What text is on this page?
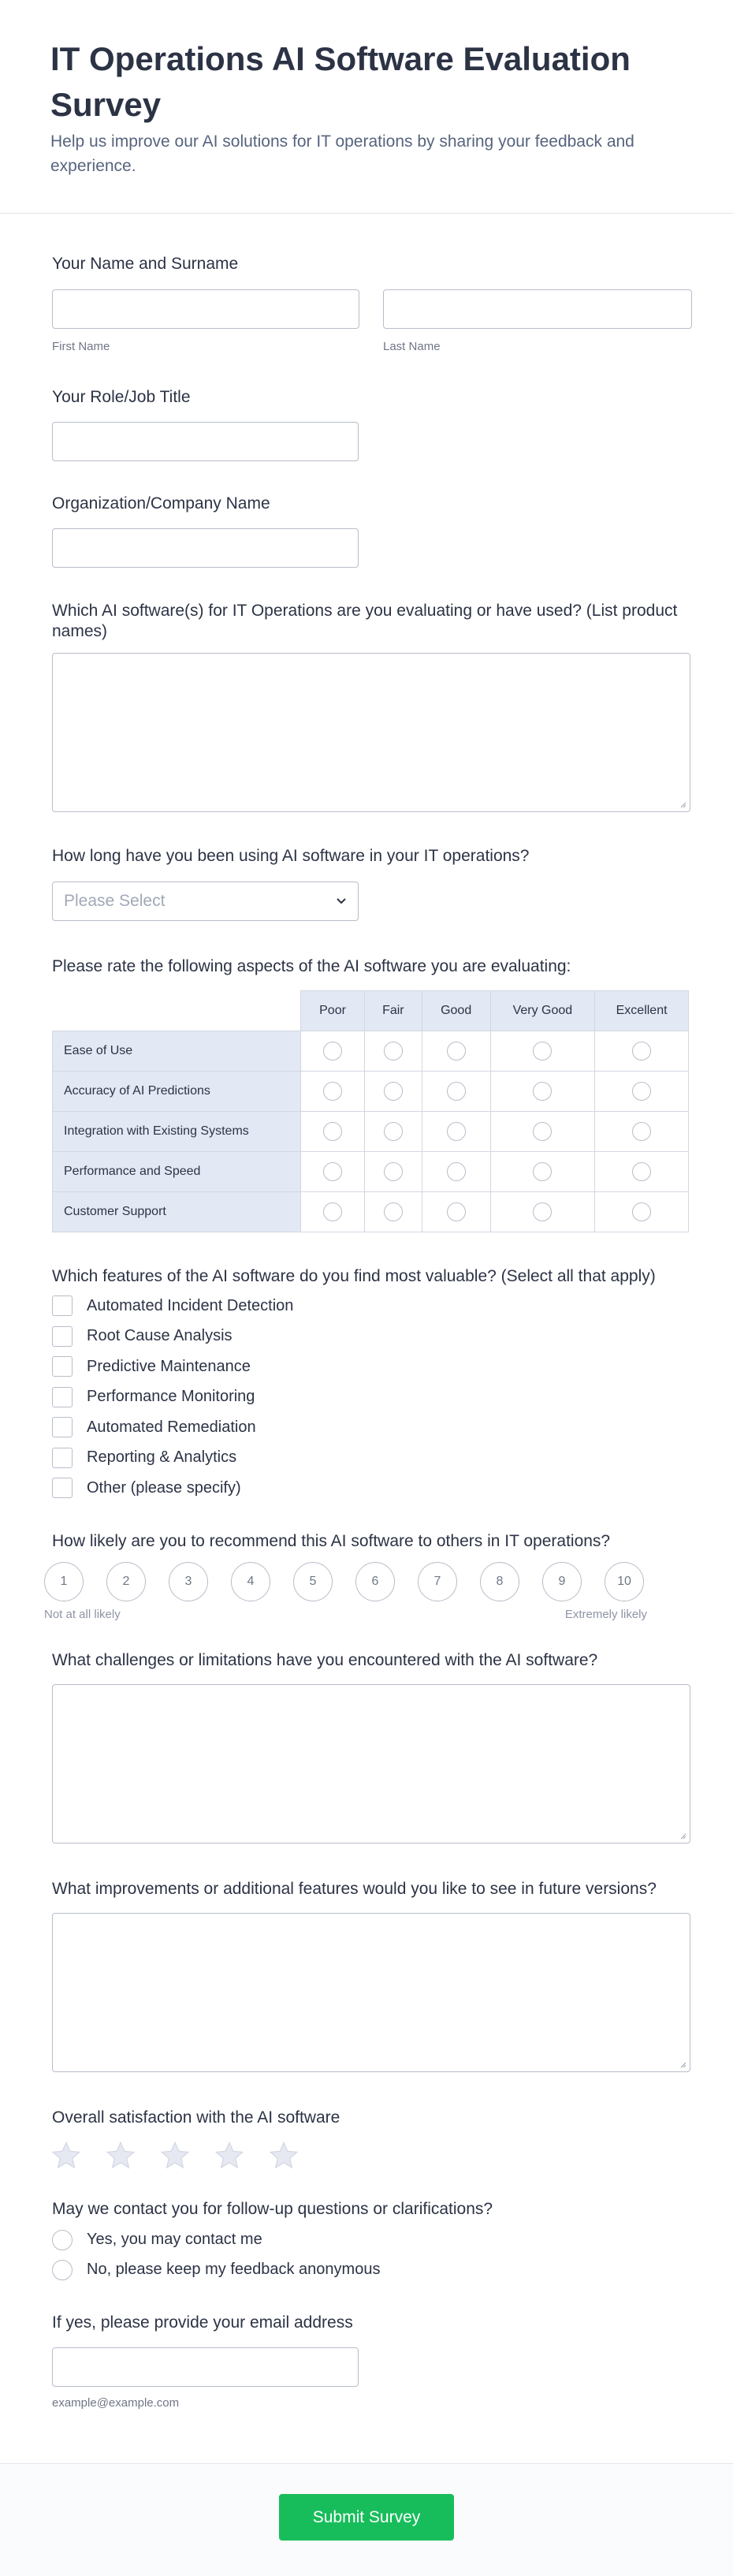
IT Operations AI Software Evaluation Survey
Help us improve our AI solutions for IT operations by sharing your feedback and experience.
Your Name and Surname
First Name	Last Name
Your Role/Job Title
Organization/Company Name
Which AI software(s) for IT Operations are you evaluating or have used? (List product names)
How long have you been using AI software in your IT operations?
Please Select
Please rate the following aspects of the AI software you are evaluating:
	Poor	Fair	Good	Very Good	Excellent
Ease of Use					
Accuracy of AI Predictions					
Integration with Existing Systems					
Performance and Speed					
Customer Support					
Which features of the AI software do you find most valuable? (Select all that apply)
Automated Incident Detection
Root Cause Analysis
Predictive Maintenance
Performance Monitoring
Automated Remediation
Reporting & Analytics
Other (please specify)
How likely are you to recommend this AI software to others in IT operations?
1	2	3	4	5	6	7	8	9	10
Not at all likely	Extremely likely
What challenges or limitations have you encountered with the AI software?
What improvements or additional features would you like to see in future versions?
Overall satisfaction with the AI software
May we contact you for follow-up questions or clarifications?
Yes, you may contact me
No, please keep my feedback anonymous
If yes, please provide your email address
example@example.com
Submit Survey
